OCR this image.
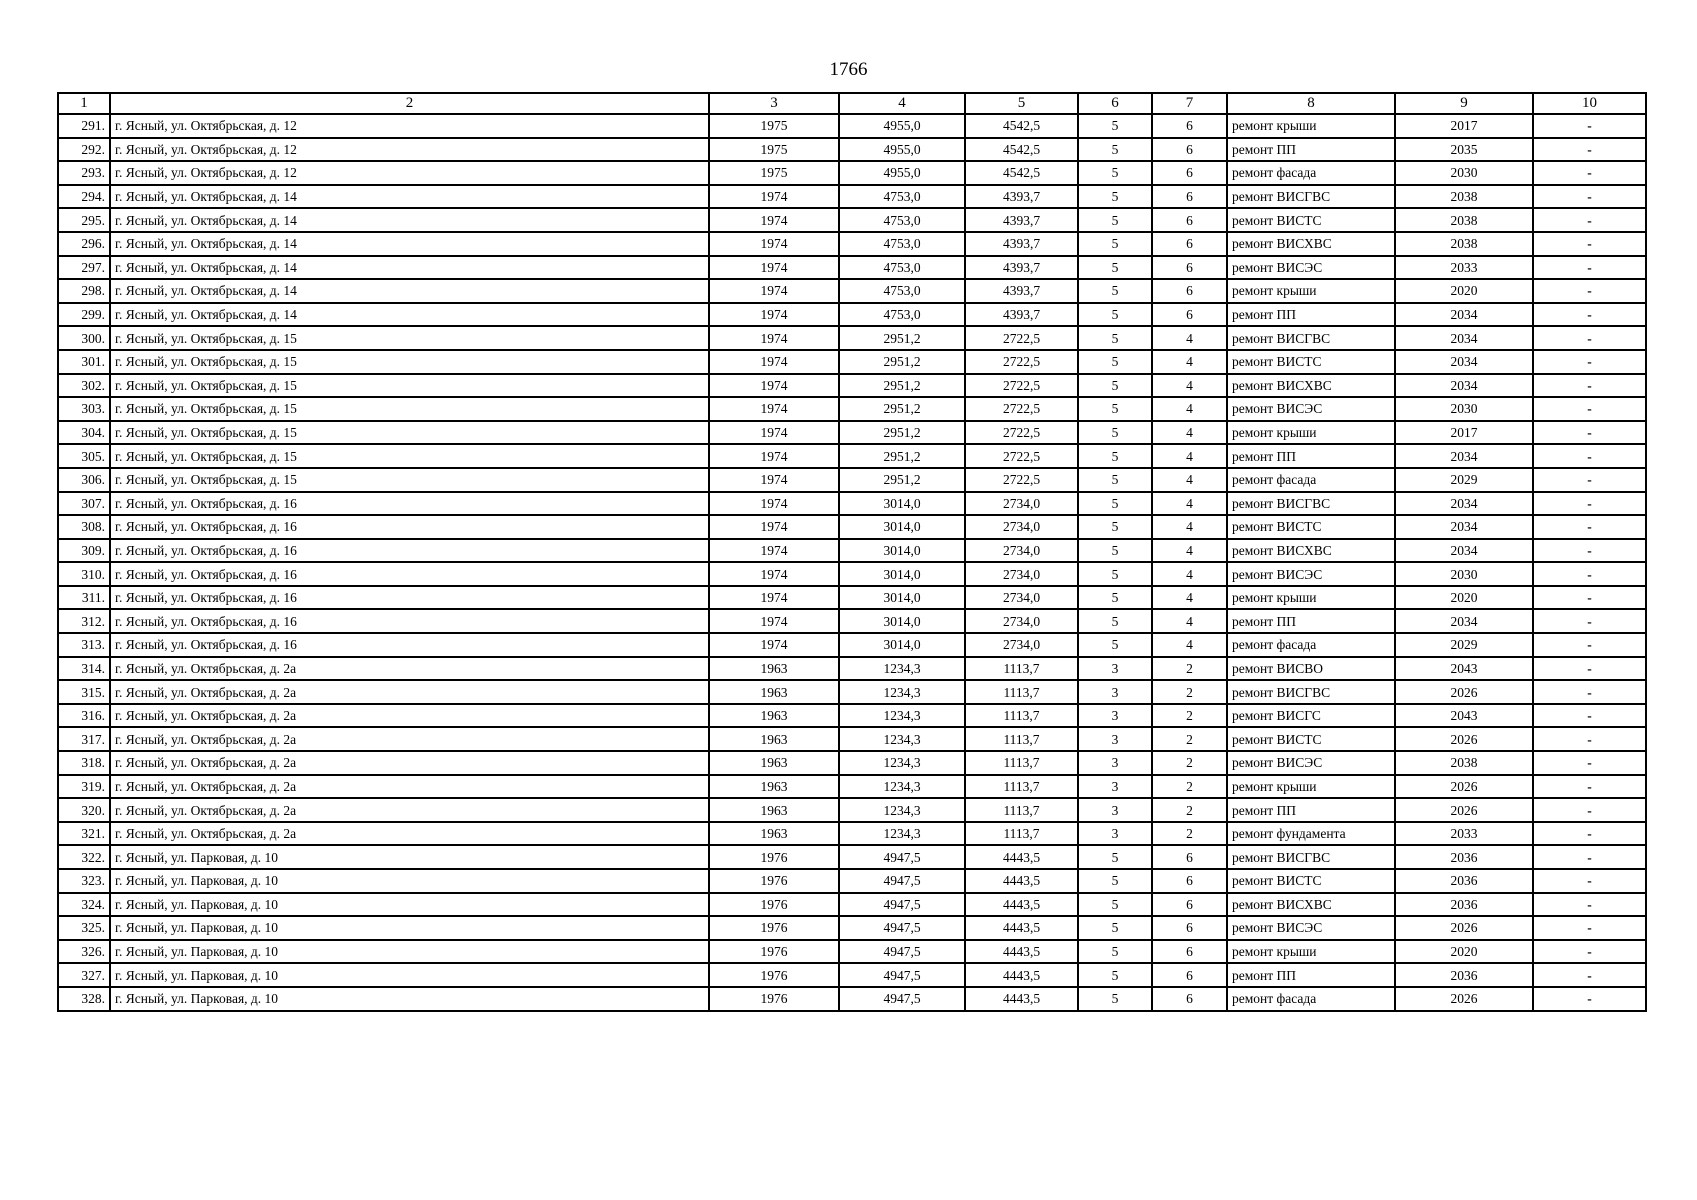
1766
1	2	3	4	5	6	7	8	9	10
291.	г. Ясный, ул. Октябрьская, д. 12	1975	4955,0	4542,5	5	6	ремонт крыши	2017	-
292.	г. Ясный, ул. Октябрьская, д. 12	1975	4955,0	4542,5	5	6	ремонт ПП	2035	-
293.	г. Ясный, ул. Октябрьская, д. 12	1975	4955,0	4542,5	5	6	ремонт фасада	2030	-
294.	г. Ясный, ул. Октябрьская, д. 14	1974	4753,0	4393,7	5	6	ремонт ВИСГВС	2038	-
295.	г. Ясный, ул. Октябрьская, д. 14	1974	4753,0	4393,7	5	6	ремонт ВИСТС	2038	-
296.	г. Ясный, ул. Октябрьская, д. 14	1974	4753,0	4393,7	5	6	ремонт ВИСХВС	2038	-
297.	г. Ясный, ул. Октябрьская, д. 14	1974	4753,0	4393,7	5	6	ремонт ВИСЭС	2033	-
298.	г. Ясный, ул. Октябрьская, д. 14	1974	4753,0	4393,7	5	6	ремонт крыши	2020	-
299.	г. Ясный, ул. Октябрьская, д. 14	1974	4753,0	4393,7	5	6	ремонт ПП	2034	-
300.	г. Ясный, ул. Октябрьская, д. 15	1974	2951,2	2722,5	5	4	ремонт ВИСГВС	2034	-
301.	г. Ясный, ул. Октябрьская, д. 15	1974	2951,2	2722,5	5	4	ремонт ВИСТС	2034	-
302.	г. Ясный, ул. Октябрьская, д. 15	1974	2951,2	2722,5	5	4	ремонт ВИСХВС	2034	-
303.	г. Ясный, ул. Октябрьская, д. 15	1974	2951,2	2722,5	5	4	ремонт ВИСЭС	2030	-
304.	г. Ясный, ул. Октябрьская, д. 15	1974	2951,2	2722,5	5	4	ремонт крыши	2017	-
305.	г. Ясный, ул. Октябрьская, д. 15	1974	2951,2	2722,5	5	4	ремонт ПП	2034	-
306.	г. Ясный, ул. Октябрьская, д. 15	1974	2951,2	2722,5	5	4	ремонт фасада	2029	-
307.	г. Ясный, ул. Октябрьская, д. 16	1974	3014,0	2734,0	5	4	ремонт ВИСГВС	2034	-
308.	г. Ясный, ул. Октябрьская, д. 16	1974	3014,0	2734,0	5	4	ремонт ВИСТС	2034	-
309.	г. Ясный, ул. Октябрьская, д. 16	1974	3014,0	2734,0	5	4	ремонт ВИСХВС	2034	-
310.	г. Ясный, ул. Октябрьская, д. 16	1974	3014,0	2734,0	5	4	ремонт ВИСЭС	2030	-
311.	г. Ясный, ул. Октябрьская, д. 16	1974	3014,0	2734,0	5	4	ремонт крыши	2020	-
312.	г. Ясный, ул. Октябрьская, д. 16	1974	3014,0	2734,0	5	4	ремонт ПП	2034	-
313.	г. Ясный, ул. Октябрьская, д. 16	1974	3014,0	2734,0	5	4	ремонт фасада	2029	-
314.	г. Ясный, ул. Октябрьская, д. 2а	1963	1234,3	1113,7	3	2	ремонт ВИСВО	2043	-
315.	г. Ясный, ул. Октябрьская, д. 2а	1963	1234,3	1113,7	3	2	ремонт ВИСГВС	2026	-
316.	г. Ясный, ул. Октябрьская, д. 2а	1963	1234,3	1113,7	3	2	ремонт ВИСГС	2043	-
317.	г. Ясный, ул. Октябрьская, д. 2а	1963	1234,3	1113,7	3	2	ремонт ВИСТС	2026	-
318.	г. Ясный, ул. Октябрьская, д. 2а	1963	1234,3	1113,7	3	2	ремонт ВИСЭС	2038	-
319.	г. Ясный, ул. Октябрьская, д. 2а	1963	1234,3	1113,7	3	2	ремонт крыши	2026	-
320.	г. Ясный, ул. Октябрьская, д. 2а	1963	1234,3	1113,7	3	2	ремонт ПП	2026	-
321.	г. Ясный, ул. Октябрьская, д. 2а	1963	1234,3	1113,7	3	2	ремонт фундамента	2033	-
322.	г. Ясный, ул. Парковая, д. 10	1976	4947,5	4443,5	5	6	ремонт ВИСГВС	2036	-
323.	г. Ясный, ул. Парковая, д. 10	1976	4947,5	4443,5	5	6	ремонт ВИСТС	2036	-
324.	г. Ясный, ул. Парковая, д. 10	1976	4947,5	4443,5	5	6	ремонт ВИСХВС	2036	-
325.	г. Ясный, ул. Парковая, д. 10	1976	4947,5	4443,5	5	6	ремонт ВИСЭС	2026	-
326.	г. Ясный, ул. Парковая, д. 10	1976	4947,5	4443,5	5	6	ремонт крыши	2020	-
327.	г. Ясный, ул. Парковая, д. 10	1976	4947,5	4443,5	5	6	ремонт ПП	2036	-
328.	г. Ясный, ул. Парковая, д. 10	1976	4947,5	4443,5	5	6	ремонт фасада	2026	-
